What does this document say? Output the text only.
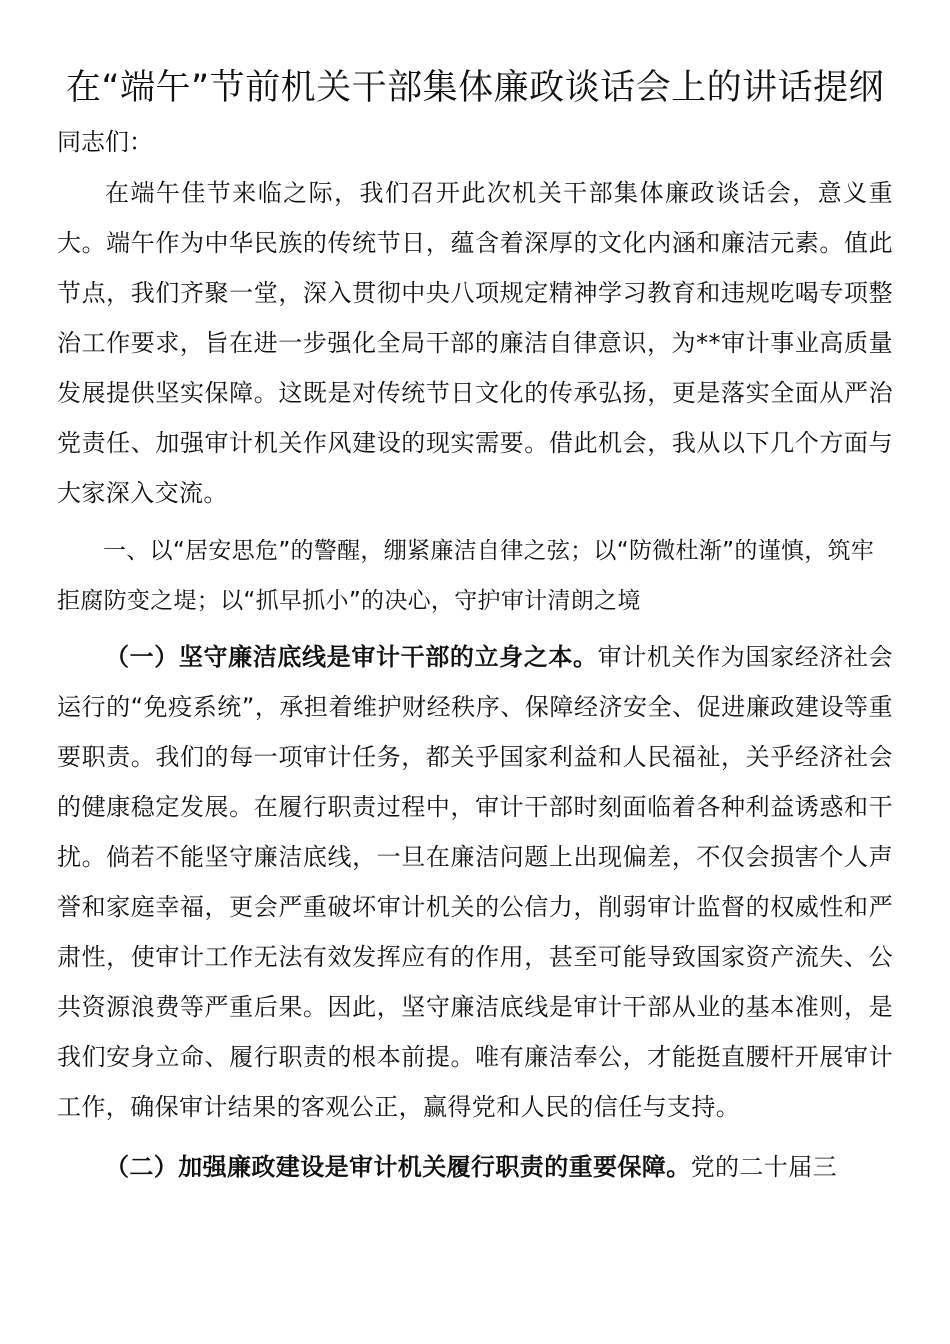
在“端午”节前机关干部集体廉政谈话会上的讲话提纲
同志们：

在端午佳节来临之际，我们召开此次机关干部集体廉政谈话会，意义重大。端午作为中华民族的传统节日，蕴含着深厚的文化内涵和廉洁元素。值此节点，我们齐聚一堂，深入贯彻中央八项规定精神学习教育和违规吃喝专项整治工作要求，旨在进一步强化全局干部的廉洁自律意识，为**审计事业高质量发展提供坚实保障。这既是对传统节日文化的传承弘扬，更是落实全面从严治党责任、加强审计机关作风建设的现实需要。借此机会，我从以下几个方面与大家深入交流。

一、以“居安思危”的警醒，绷紧廉洁自律之弦；以“防微杜渐”的谨慎，筑牢拒腐防变之堤；以“抓早抓小”的决心，守护审计清朗之境

（一）坚守廉洁底线是审计干部的立身之本。审计机关作为国家经济社会运行的“免疫系统”，承担着维护财经秩序、保障经济安全、促进廉政建设等重要职责。我们的每一项审计任务，都关乎国家利益和人民福祉，关乎经济社会的健康稳定发展。在履行职责过程中，审计干部时刻面临着各种利益诱惑和干扰。倘若不能坚守廉洁底线，一旦在廉洁问题上出现偏差，不仅会损害个人声誉和家庭幸福，更会严重破坏审计机关的公信力，削弱审计监督的权威性和严肃性，使审计工作无法有效发挥应有的作用，甚至可能导致国家资产流失、公共资源浪费等严重后果。因此，坚守廉洁底线是审计干部从业的基本准则，是我们安身立命、履行职责的根本前提。唯有廉洁奉公，才能挺直腰杆开展审计工作，确保审计结果的客观公正，赢得党和人民的信任与支持。

（二）加强廉政建设是审计机关履行职责的重要保障。党的二十届三
